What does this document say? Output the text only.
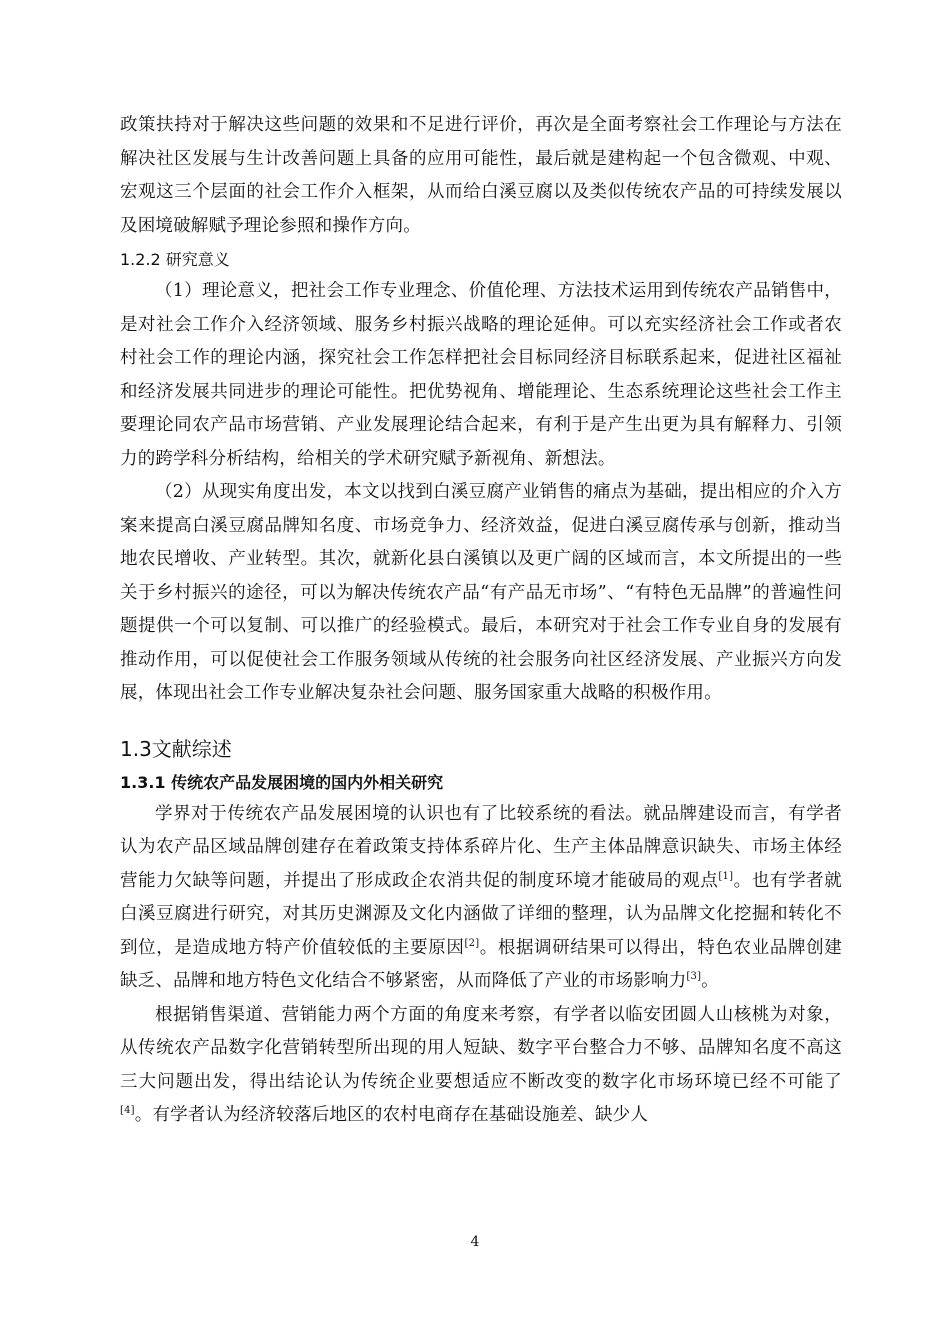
政策扶持对于解决这些问题的效果和不足进行评价，再次是全面考察社会工作理论与方法在解决社区发展与生计改善问题上具备的应用可能性，最后就是建构起一个包含微观、中观、宏观这三个层面的社会工作介入框架，从而给白溪豆腐以及类似传统农产品的可持续发展以及困境破解赋予理论参照和操作方向。

1.2.2 研究意义

（1）理论意义，把社会工作专业理念、价值伦理、方法技术运用到传统农产品销售中，是对社会工作介入经济领域、服务乡村振兴战略的理论延伸。可以充实经济社会工作或者农村社会工作的理论内涵，探究社会工作怎样把社会目标同经济目标联系起来，促进社区福祉和经济发展共同进步的理论可能性。把优势视角、增能理论、生态系统理论这些社会工作主要理论同农产品市场营销、产业发展理论结合起来，有利于是产生出更为具有解释力、引领力的跨学科分析结构，给相关的学术研究赋予新视角、新想法。

（2）从现实角度出发，本文以找到白溪豆腐产业销售的痛点为基础，提出相应的介入方案来提高白溪豆腐品牌知名度、市场竞争力、经济效益，促进白溪豆腐传承与创新，推动当地农民增收、产业转型。其次，就新化县白溪镇以及更广阔的区域而言，本文所提出的一些关于乡村振兴的途径，可以为解决传统农产品“有产品无市场”、“有特色无品牌”的普遍性问题提供一个可以复制、可以推广的经验模式。最后，本研究对于社会工作专业自身的发展有推动作用，可以促使社会工作服务领域从传统的社会服务向社区经济发展、产业振兴方向发展，体现出社会工作专业解决复杂社会问题、服务国家重大战略的积极作用。

1.3文献综述
1.3.1 传统农产品发展困境的国内外相关研究

学界对于传统农产品发展困境的认识也有了比较系统的看法。就品牌建设而言，有学者认为农产品区域品牌创建存在着政策支持体系碎片化、生产主体品牌意识缺失、市场主体经营能力欠缺等问题，并提出了形成政企农消共促的制度环境才能破局的观点[1]。也有学者就白溪豆腐进行研究，对其历史渊源及文化内涵做了详细的整理，认为品牌文化挖掘和转化不到位，是造成地方特产价值较低的主要原因[2]。根据调研结果可以得出，特色农业品牌创建缺乏、品牌和地方特色文化结合不够紧密，从而降低了产业的市场影响力[3]。

根据销售渠道、营销能力两个方面的角度来考察，有学者以临安团圆人山核桃为对象，从传统农产品数字化营销转型所出现的用人短缺、数字平台整合力不够、品牌知名度不高这三大问题出发，得出结论认为传统企业要想适应不断改变的数字化市场环境已经不可能了[4]。有学者认为经济较落后地区的农村电商存在基础设施差、缺少人

4
